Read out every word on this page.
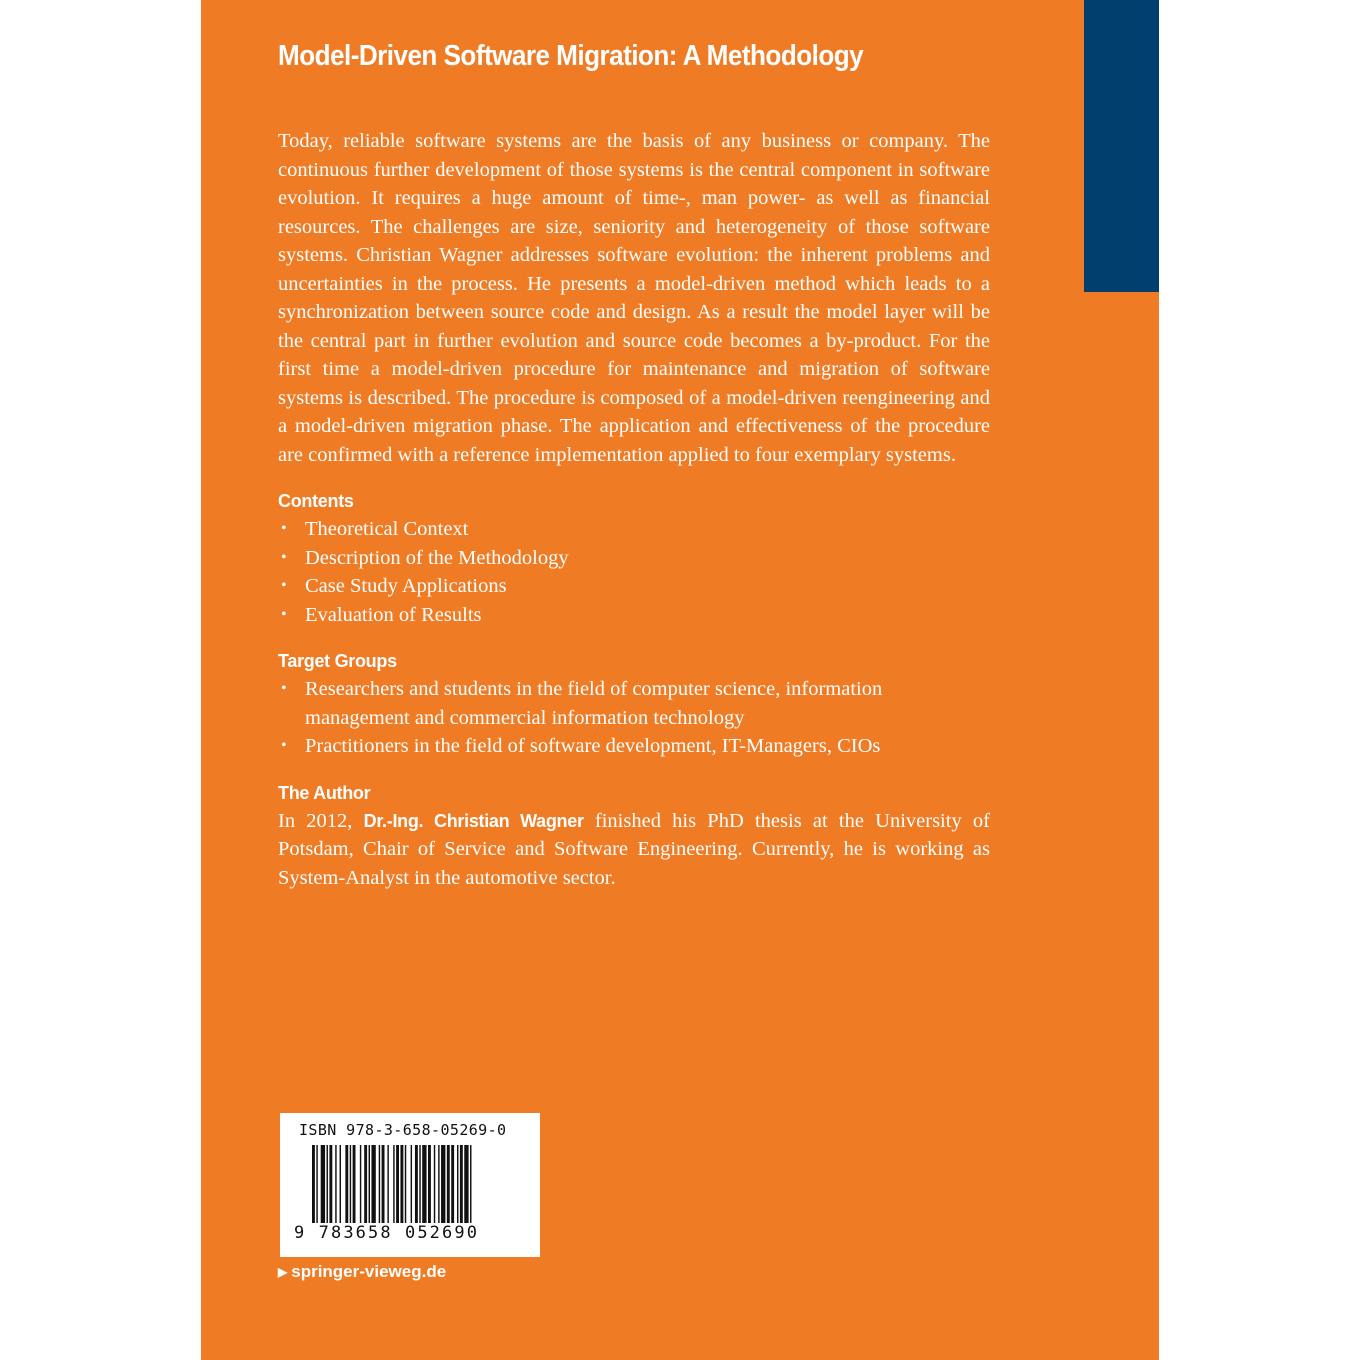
Model-Driven Software Migration: A Methodology

Today, reliable software systems are the basis of any business or company. The continuous further development of those systems is the central component in software evolution. It requires a huge amount of time-, man power- as well as financial resources. The challenges are size, seniority and heterogeneity of those software systems. Christian Wagner addresses software evolution: the inherent problems and uncertainties in the process. He presents a model-driven method which leads to a synchronization between source code and design. As a result the model layer will be the central part in further evolution and source code becomes a by-product. For the first time a model-driven procedure for maintenance and migration of software systems is described. The procedure is composed of a model-driven reengineering and a model-driven migration phase. The application and effectiveness of the procedure are confirmed with a reference implementation applied to four exemplary systems.

Contents
• Theoretical Context
• Description of the Methodology
• Case Study Applications
• Evaluation of Results
Target Groups
• Researchers and students in the field of computer science, information management and commercial information technology
• Practitioners in the field of software development, IT-Managers, CIOs
The Author

In 2012, Dr.-Ing. Christian Wagner finished his PhD thesis at the University of Potsdam, Chair of Service and Software Engineering. Currently, he is working as System-Analyst in the automotive sector.

ISBN 978-3-658-05269-0

9 783658 052690

▶ springer-vieweg.de
